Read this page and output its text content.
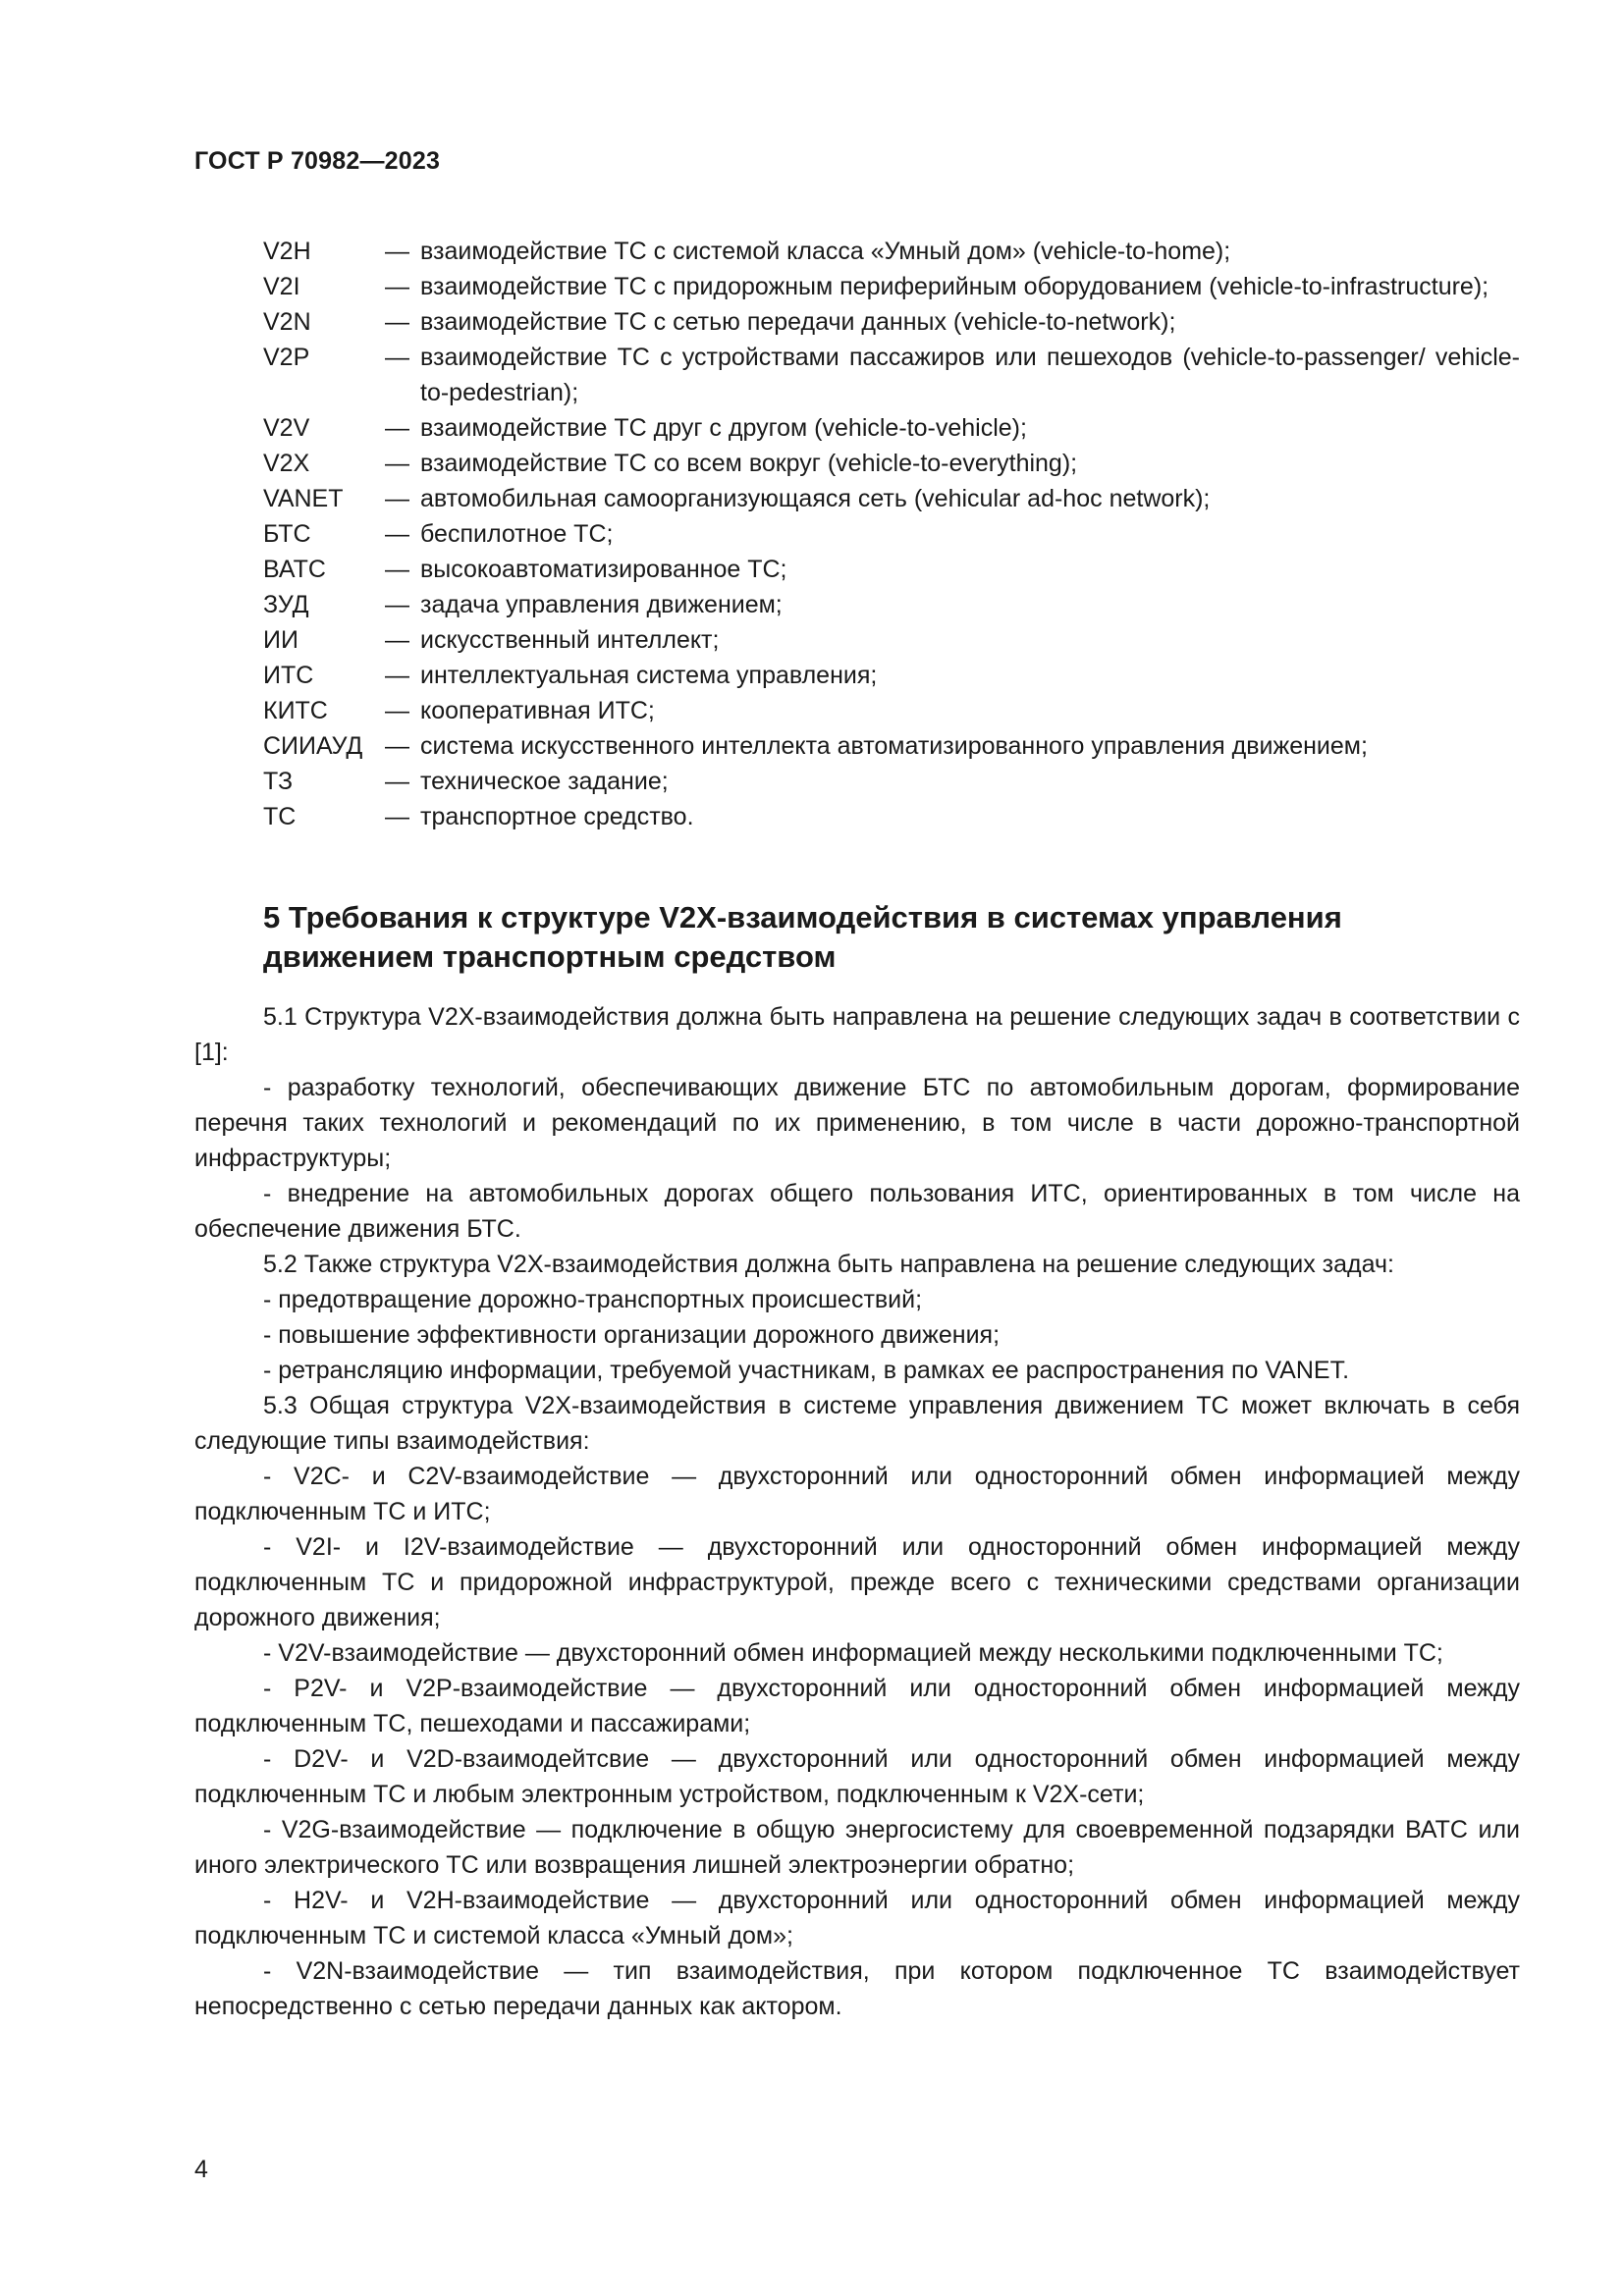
ГОСТ Р 70982—2023
V2H	— взаимодействие ТС с системой класса «Умный дом» (vehicle-to-home);
V2I	— взаимодействие ТС с придорожным периферийным оборудованием (vehicle-to-infrastructure);
V2N	— взаимодействие ТС с сетью передачи данных (vehicle-to-network);
V2P	— взаимодействие ТС с устройствами пассажиров или пешеходов (vehicle-to-passenger/ vehicle-to-pedestrian);
V2V	— взаимодействие ТС друг с другом (vehicle-to-vehicle);
V2X	— взаимодействие ТС со всем вокруг (vehicle-to-everything);
VANET	— автомобильная самоорганизующаяся сеть (vehicular ad-hoc network);
БТС	— беспилотное ТС;
ВАТС	— высокоавтоматизированное ТС;
ЗУД	— задача управления движением;
ИИ	— искусственный интеллект;
ИТС	— интеллектуальная система управления;
КИТС	— кооперативная ИТС;
СИИАУД — система искусственного интеллекта автоматизированного управления движением;
ТЗ	— техническое задание;
ТС	— транспортное средство.
5 Требования к структуре V2X-взаимодействия в системах управления движением транспортным средством

5.1 Структура V2X-взаимодействия должна быть направлена на решение следующих задач в соответствии с [1]:

- разработку технологий, обеспечивающих движение БТС по автомобильным дорогам, формирование перечня таких технологий и рекомендаций по их применению, в том числе в части дорожно-транспортной инфраструктуры;

- внедрение на автомобильных дорогах общего пользования ИТС, ориентированных в том числе на обеспечение движения БТС.

5.2 Также структура V2X-взаимодействия должна быть направлена на решение следующих задач:

- предотвращение дорожно-транспортных происшествий;

- повышение эффективности организации дорожного движения;

- ретрансляцию информации, требуемой участникам, в рамках ее распространения по VANET.

5.3 Общая структура V2X-взаимодействия в системе управления движением ТС может включать в себя следующие типы взаимодействия:

- V2C- и C2V-взаимодействие — двухсторонний или односторонний обмен информацией между подключенным ТС и ИТС;

- V2I- и I2V-взаимодействие — двухсторонний или односторонний обмен информацией между подключенным ТС и придорожной инфраструктурой, прежде всего с техническими средствами организации дорожного движения;

- V2V-взаимодействие — двухсторонний обмен информацией между несколькими подключенными ТС;

- P2V- и V2P-взаимодействие — двухсторонний или односторонний обмен информацией между подключенным ТС, пешеходами и пассажирами;

- D2V- и V2D-взаимодейтсвие — двухсторонний или односторонний обмен информацией между подключенным ТС и любым электронным устройством, подключенным к V2X-сети;

- V2G-взаимодействие — подключение в общую энергосистему для своевременной подзарядки ВАТС или иного электрического ТС или возвращения лишней электроэнергии обратно;

- H2V- и V2H-взаимодействие — двухсторонний или односторонний обмен информацией между подключенным ТС и системой класса «Умный дом»;

- V2N-взаимодействие — тип взаимодействия, при котором подключенное ТС взаимодействует непосредственно с сетью передачи данных как актором.

4
